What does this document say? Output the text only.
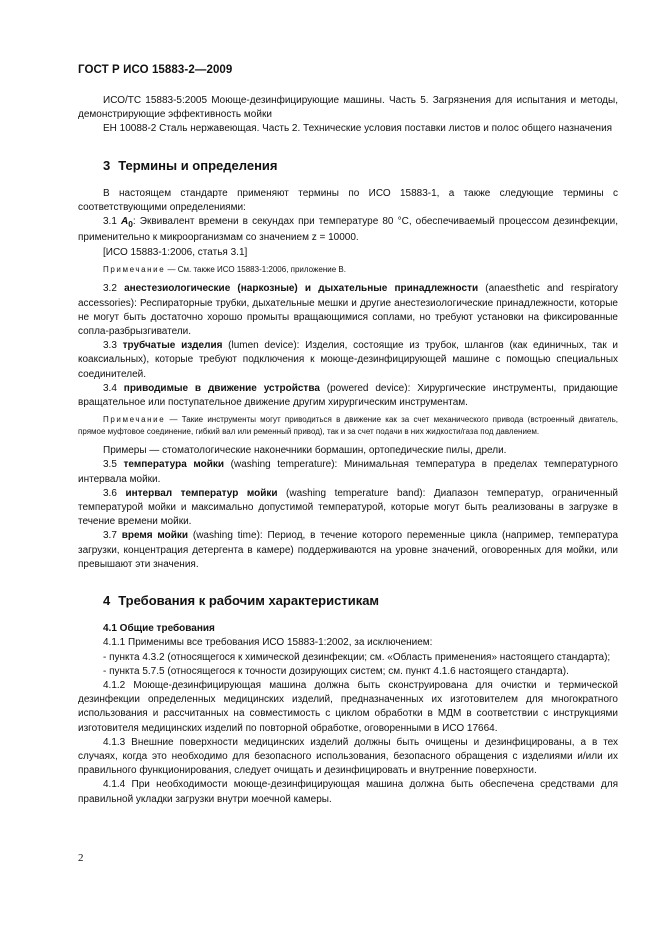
ГОСТ Р ИСО 15883-2—2009

ИСО/ТС 15883-5:2005 Моюще-дезинфицирующие машины. Часть 5. Загрязнения для испытания и методы, демонстрирующие эффективность мойки

ЕН 10088-2 Сталь нержавеющая. Часть 2. Технические условия поставки листов и полос общего назначения

3 Термины и определения

В настоящем стандарте применяют термины по ИСО 15883-1, а также следующие термины с соответствующими определениями:

3.1 $A_0$: Эквивалент времени в секундах при температуре 80 °С, обеспечиваемый процессом дезинфекции, применительно к микроорганизмам со значением z = 10000.

[ИСО 15883-1:2006, статья 3.1]

Примечание — См. также ИСО 15883-1:2006, приложение В.

3.2 анестезиологические (наркозные) и дыхательные принадлежности (anaesthetic and respiratory accessories): Респираторные трубки, дыхательные мешки и другие анестезиологические принадлежности, которые не могут быть достаточно хорошо промыты вращающимися соплами, но требуют установки на фиксированные сопла-разбрызгиватели.

3.3 трубчатые изделия (lumen device): Изделия, состоящие из трубок, шлангов (как единичных, так и коаксиальных), которые требуют подключения к моюще-дезинфицирующей машине с помощью специальных соединителей.

3.4 приводимые в движение устройства (powered device): Хирургические инструменты, придающие вращательное или поступательное движение другим хирургическим инструментам.

Примечание — Такие инструменты могут приводиться в движение как за счет механического привода (встроенный двигатель, прямое муфтовое соединение, гибкий вал или ременный привод), так и за счет подачи в них жидкости/газа под давлением.

Примеры — стоматологические наконечники бормашин, ортопедические пилы, дрели.

3.5 температура мойки (washing temperature): Минимальная температура в пределах температурного интервала мойки.

3.6 интервал температур мойки (washing temperature band): Диапазон температур, ограниченный температурой мойки и максимально допустимой температурой, которые могут быть реализованы в загрузке в течение времени мойки.

3.7 время мойки (washing time): Период, в течение которого переменные цикла (например, температура загрузки, концентрация детергента в камере) поддерживаются на уровне значений, оговоренных для мойки, или превышают эти значения.

4 Требования к рабочим характеристикам

4.1 Общие требования

4.1.1 Применимы все требования ИСО 15883-1:2002, за исключением:

- пункта 4.3.2 (относящегося к химической дезинфекции; см. «Область применения» настоящего стандарта);

- пункта 5.7.5 (относящегося к точности дозирующих систем; см. пункт 4.1.6 настоящего стандарта).

4.1.2 Моюще-дезинфицирующая машина должна быть сконструирована для очистки и термической дезинфекции определенных медицинских изделий, предназначенных их изготовителем для многократного использования и рассчитанных на совместимость с циклом обработки в МДМ в соответствии с инструкциями изготовителя медицинских изделий по повторной обработке, оговоренными в ИСО 17664.

4.1.3 Внешние поверхности медицинских изделий должны быть очищены и дезинфицированы, а в тех случаях, когда это необходимо для безопасного использования, безопасного обращения с изделиями и/или их правильного функционирования, следует очищать и дезинфицировать и внутренние поверхности.

4.1.4 При необходимости моюще-дезинфицирующая машина должна быть обеспечена средствами для правильной укладки загрузки внутри моечной камеры.

2
